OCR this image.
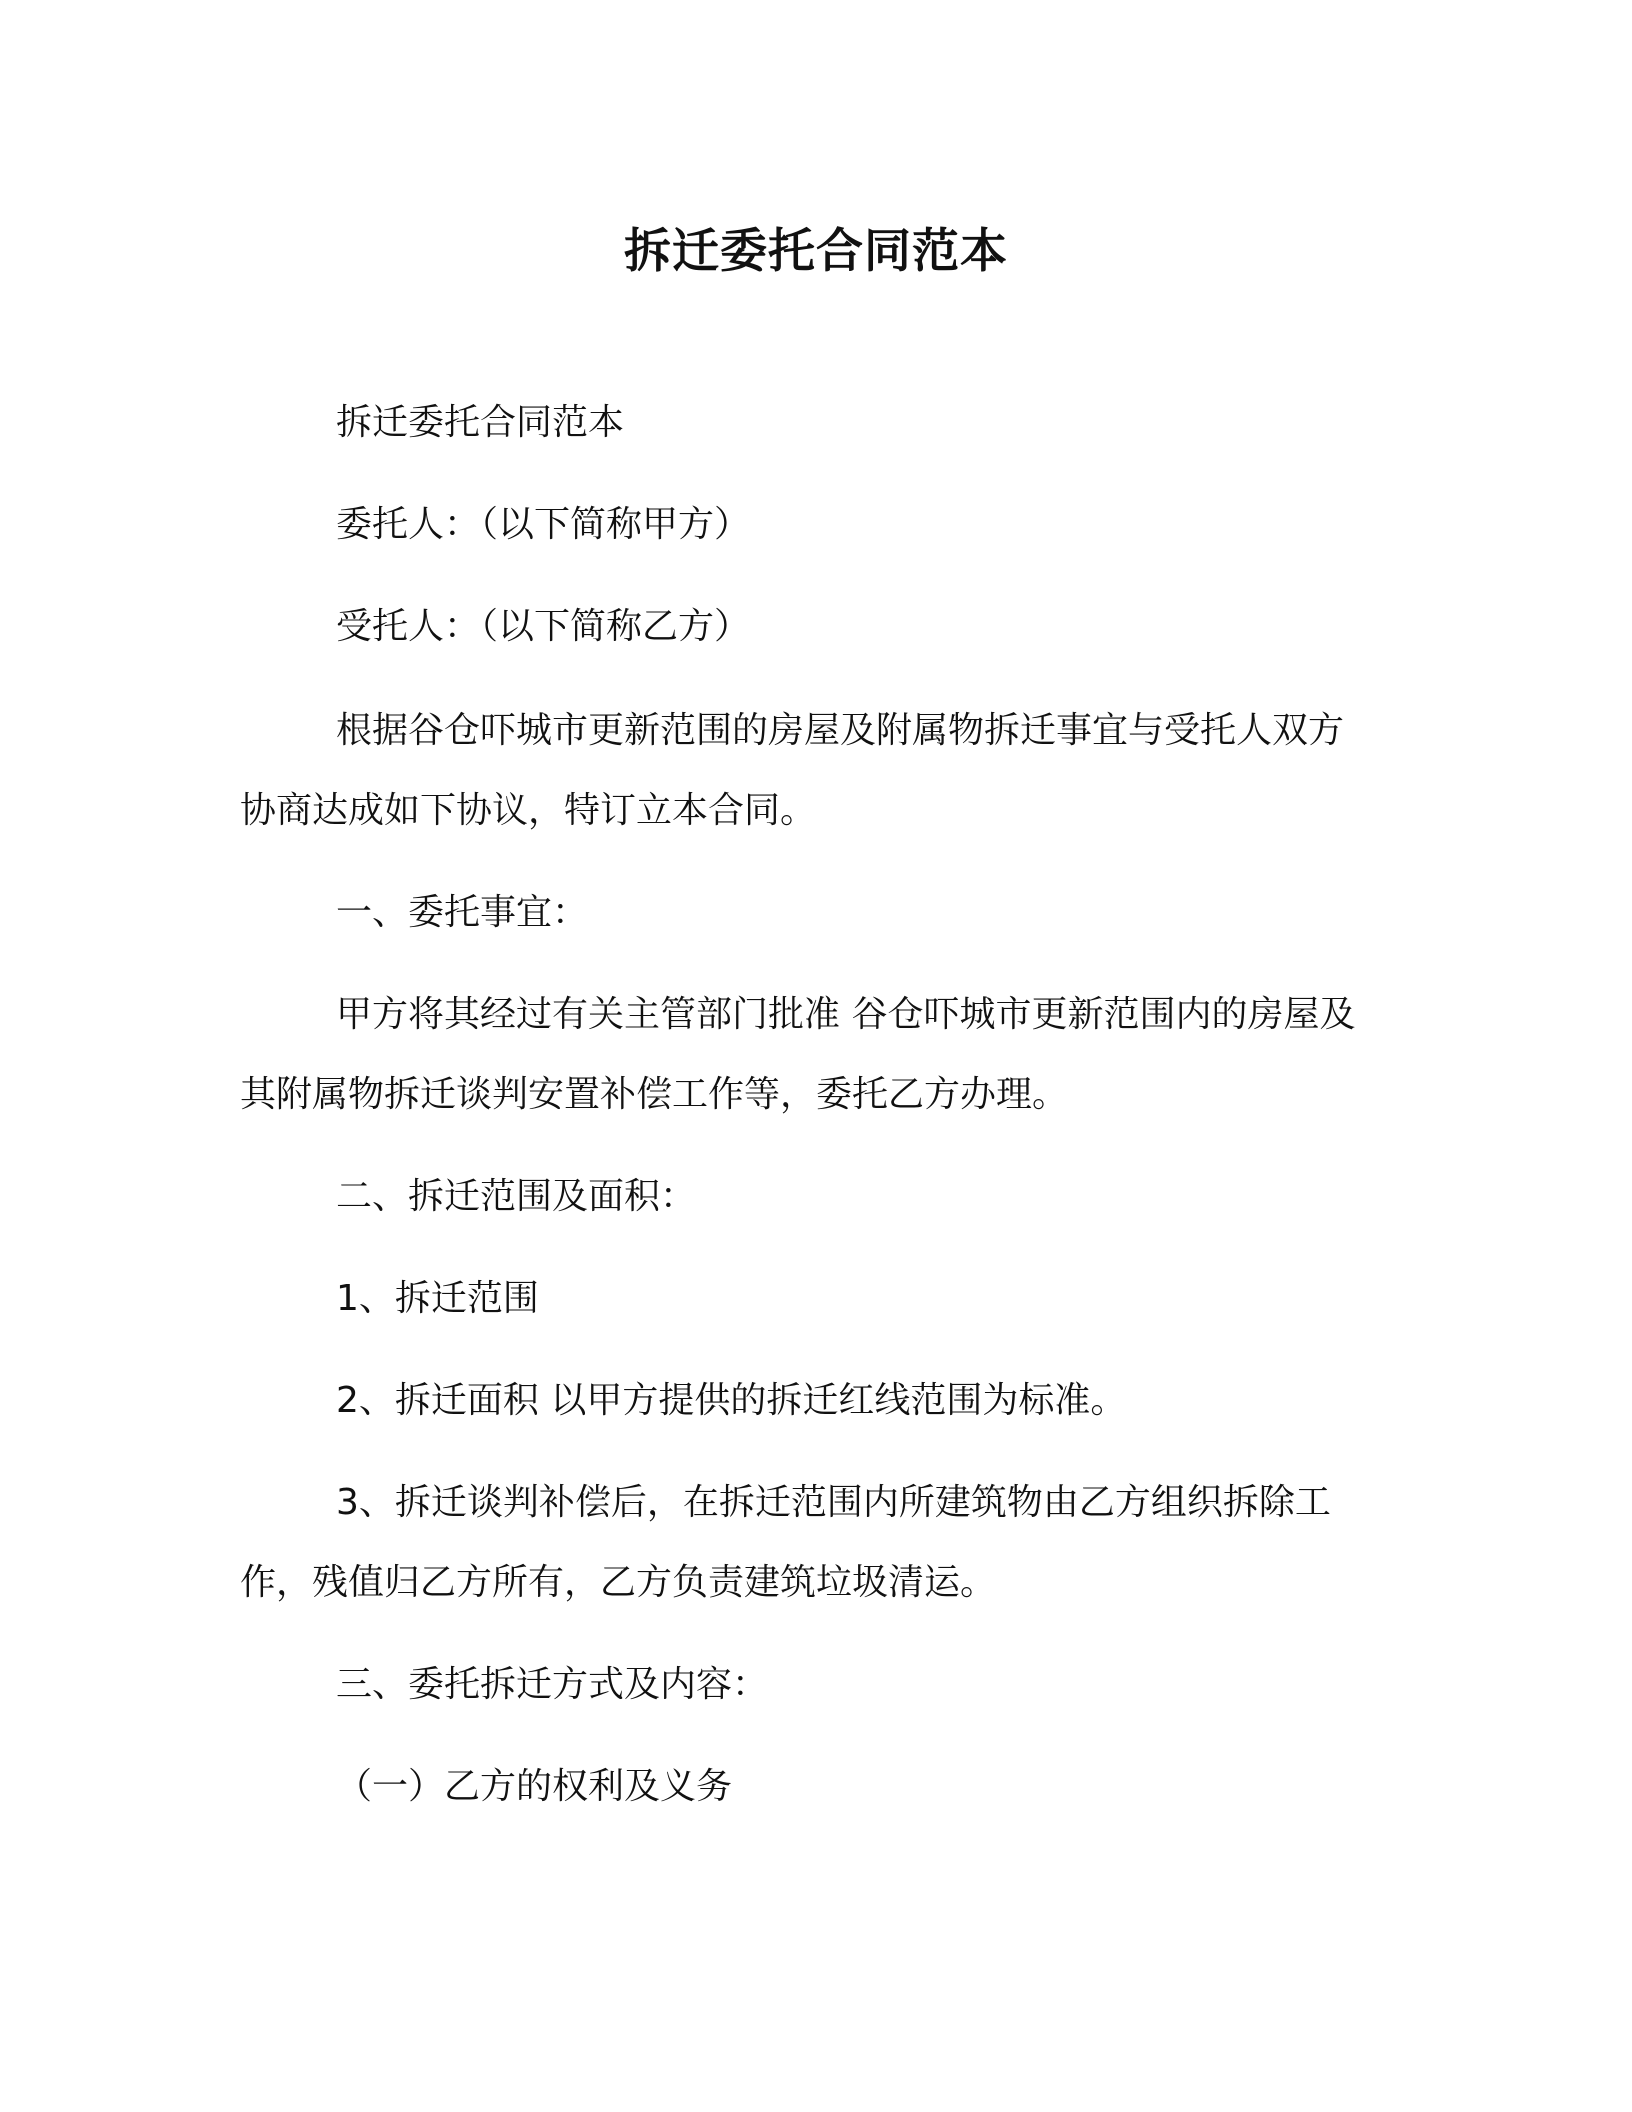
拆迁委托合同范本
拆迁委托合同范本
委托人：（以下简称甲方）
受托人：（以下简称乙方）
根据谷仓吓城市更新范围的房屋及附属物拆迁事宜与受托人双方
协商达成如下协议，特订立本合同。
一、委托事宜：
甲方将其经过有关主管部门批准 谷仓吓城市更新范围内的房屋及
其附属物拆迁谈判安置补偿工作等，委托乙方办理。
二、拆迁范围及面积：
1、拆迁范围
2、拆迁面积 以甲方提供的拆迁红线范围为标准。
3、拆迁谈判补偿后，在拆迁范围内所建筑物由乙方组织拆除工
作，残值归乙方所有，乙方负责建筑垃圾清运。
三、委托拆迁方式及内容：
（一）乙方的权利及义务
